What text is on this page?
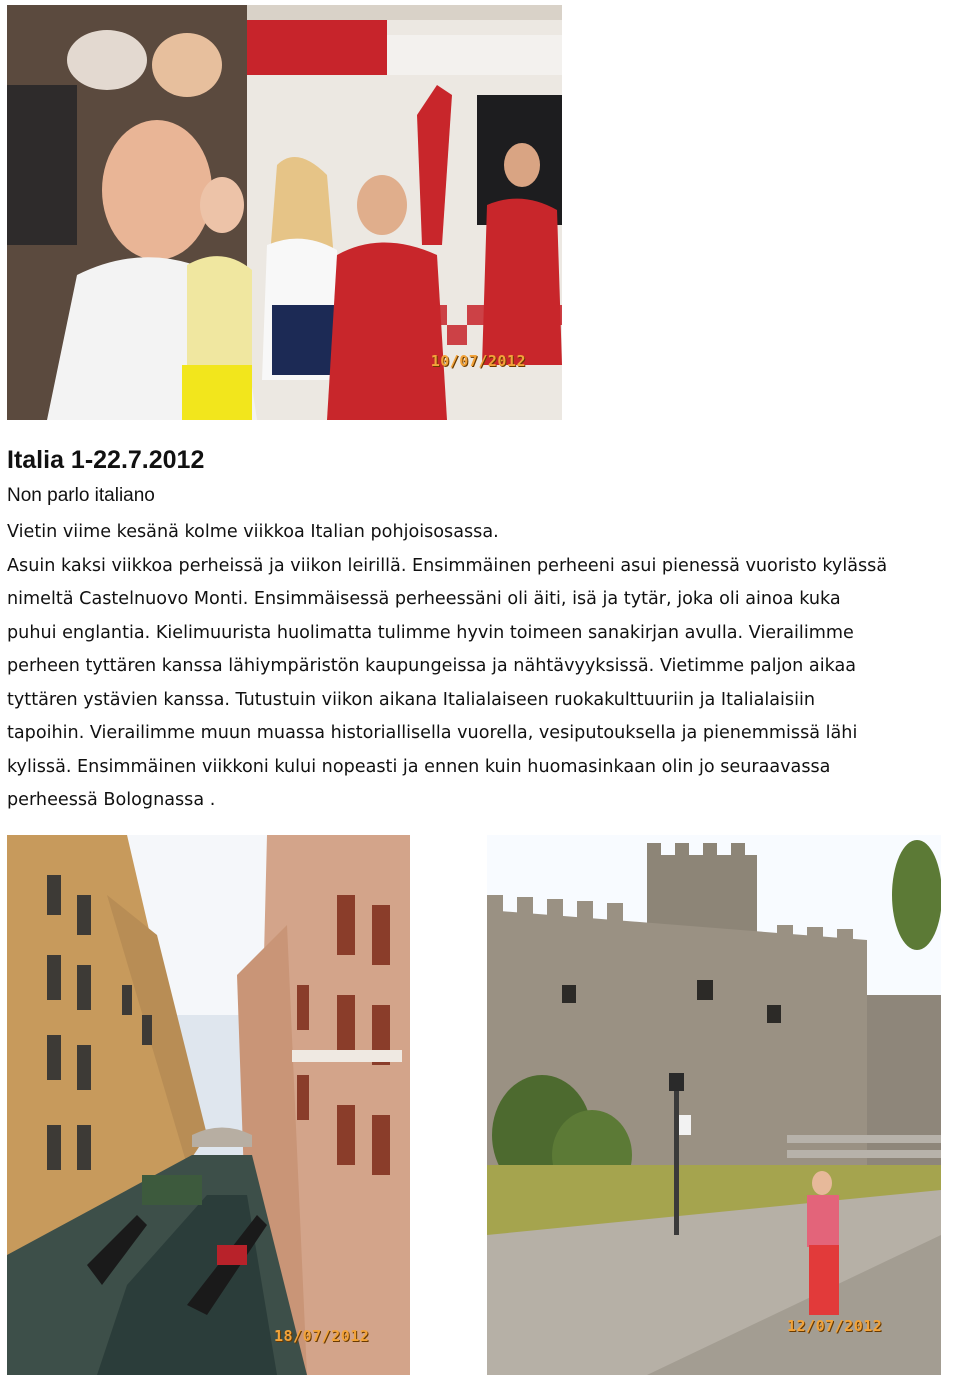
10/07/2012
Italia 1-22.7.2012

Non parlo italiano

Vietin viime kesänä kolme viikkoa Italian pohjoisosassa.
Asuin kaksi viikkoa perheissä ja viikon leirillä. Ensimmäinen perheeni asui pienessä vuoristo kylässä
nimeltä Castelnuovo Monti. Ensimmäisessä perheessäni oli äiti, isä ja tytär, joka oli ainoa kuka
puhui englantia. Kielimuurista huolimatta tulimme hyvin toimeen sanakirjan avulla. Vierailimme
perheen tyttären kanssa lähiympäristön kaupungeissa ja nähtävyyksissä. Vietimme paljon aikaa
tyttären ystävien kanssa. Tutustuin viikon aikana Italialaiseen ruokakulttuuriin ja Italialaisiin
tapoihin. Vierailimme muun muassa historiallisella vuorella, vesiputouksella ja pienemmissä lähi
kylissä. Ensimmäinen viikkoni kului nopeasti ja ennen kuin huomasinkaan olin jo seuraavassa
perheessä Bolognassa .
18/07/2012
12/07/2012
